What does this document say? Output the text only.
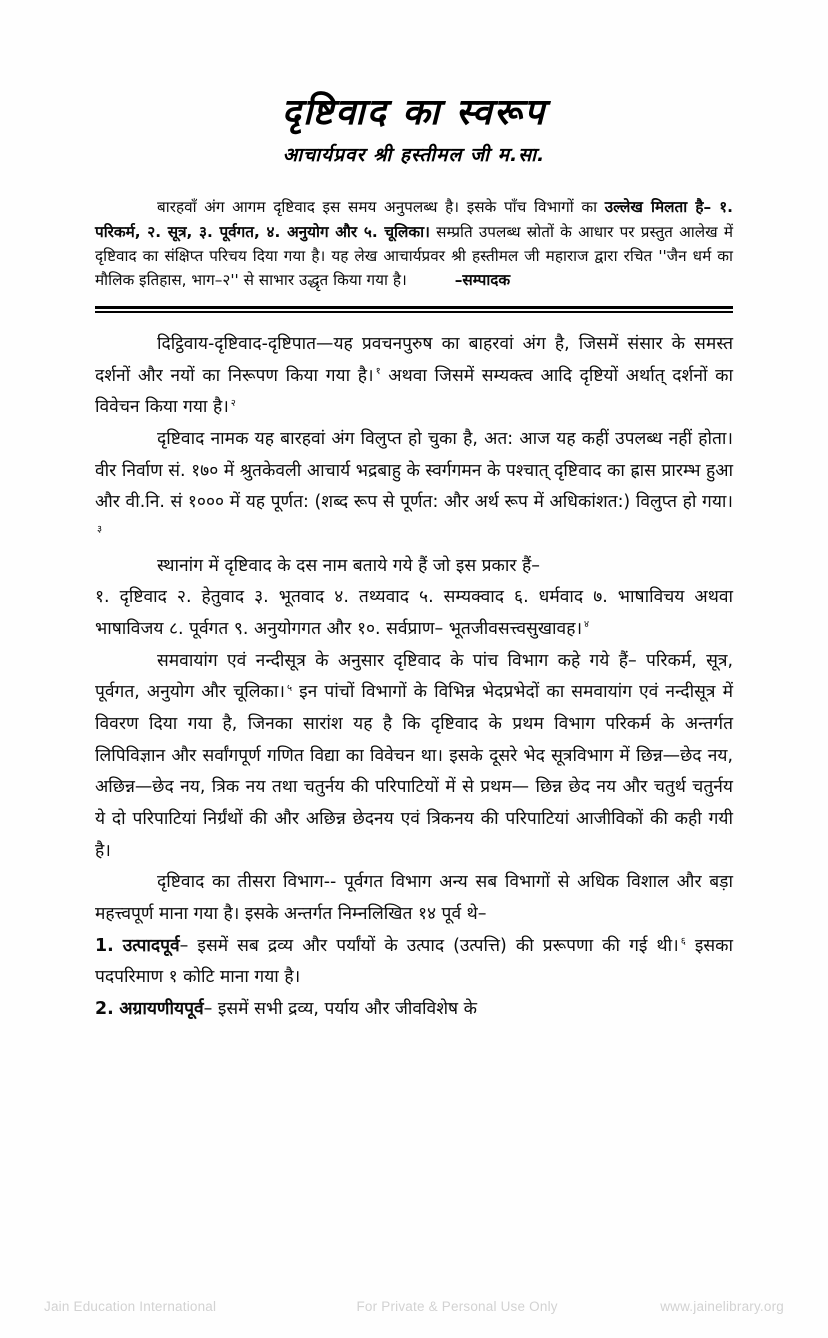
दृष्टिवाद का स्वरूप
आचार्यप्रवर श्री हस्तीमल जी म.सा.

बारहवाँ अंग आगम दृष्टिवाद इस समय अनुपलब्ध है। इसके पाँच विभागों का उल्लेख मिलता है– १. परिकर्म, २. सूत्र, ३. पूर्वगत, ४. अनुयोग और ५. चूलिका। सम्प्रति उपलब्ध स्रोतों के आधार पर प्रस्तुत आलेख में दृष्टिवाद का संक्षिप्त परिचय दिया गया है। यह लेख आचार्यप्रवर श्री हस्तीमल जी महाराज द्वारा रचित ''जैन धर्म का मौलिक इतिहास, भाग–२'' से साभार उद्धृत किया गया है।	–सम्पादक

दिट्ठिवाय-दृष्टिवाद-दृष्टिपात—यह प्रवचनपुरुष का बाहरवां अंग है, जिसमें संसार के समस्त दर्शनों और नयों का निरूपण किया गया है। $^१$ अथवा जिसमें सम्यक्त्व आदि दृष्टियों अर्थात् दर्शनों का विवेचन किया गया है। $^२$

दृष्टिवाद नामक यह बारहवां अंग विलुप्त हो चुका है, अत: आज यह कहीं उपलब्ध नहीं होता। वीर निर्वाण सं. १७० में श्रुतकेवली आचार्य भद्रबाहु के स्वर्गगमन के पश्चात् दृष्टिवाद का ह्रास प्रारम्भ हुआ और वी.नि. सं १००० में यह पूर्णत: (शब्द रूप से पूर्णत: और अर्थ रूप में अधिकांशत:) विलुप्त हो गया।$^३$

स्थानांग में दृष्टिवाद के दस नाम बताये गये हैं जो इस प्रकार हैं–

१. दृष्टिवाद २. हेतुवाद ३. भूतवाद ४. तथ्यवाद ५. सम्यक्वाद ६. धर्मवाद ७. भाषाविचय अथवा भाषाविजय ८. पूर्वगत ९. अनुयोगगत और १०. सर्वप्राण– भूतजीवसत्त्वसुखावह। $^४$

समवायांग एवं नन्दीसूत्र के अनुसार दृष्टिवाद के पांच विभाग कहे गये हैं– परिकर्म, सूत्र, पूर्वगत, अनुयोग और चूलिका। $^५$ इन पांचों विभागों के विभिन्न भेदप्रभेदों का समवायांग एवं नन्दीसूत्र में विवरण दिया गया है, जिनका सारांश यह है कि दृष्टिवाद के प्रथम विभाग परिकर्म के अन्तर्गत लिपिविज्ञान और सर्वांगपूर्ण गणित विद्या का विवेचन था। इसके दूसरे भेद सूत्रविभाग में छिन्न—छेद नय, अछिन्न—छेद नय, त्रिक नय तथा चतुर्नय की परिपाटियों में से प्रथम— छिन्न छेद नय और चतुर्थ चतुर्नय ये दो परिपाटियां निर्ग्रंथों की और अछिन्न छेदनय एवं त्रिकनय की परिपाटियां आजीविकों की कही गयी है।

दृष्टिवाद का तीसरा विभाग-- पूर्वगत विभाग अन्य सब विभागों से अधिक विशाल और बड़ा महत्त्वपूर्ण माना गया है। इसके अन्तर्गत निम्नलिखित १४ पूर्व थे–

1. उत्पादपूर्व– इसमें सब द्रव्य और पर्यांयों के उत्पाद (उत्पत्ति) की प्ररूपणा की गई थी। $^६$ इसका पदपरिमाण १ कोटि माना गया है।

2. अग्रायणीयपूर्व– इसमें सभी द्रव्य, पर्याय और जीवविशेष के

Jain Education International	For Private & Personal Use Only	www.jainelibrary.org
